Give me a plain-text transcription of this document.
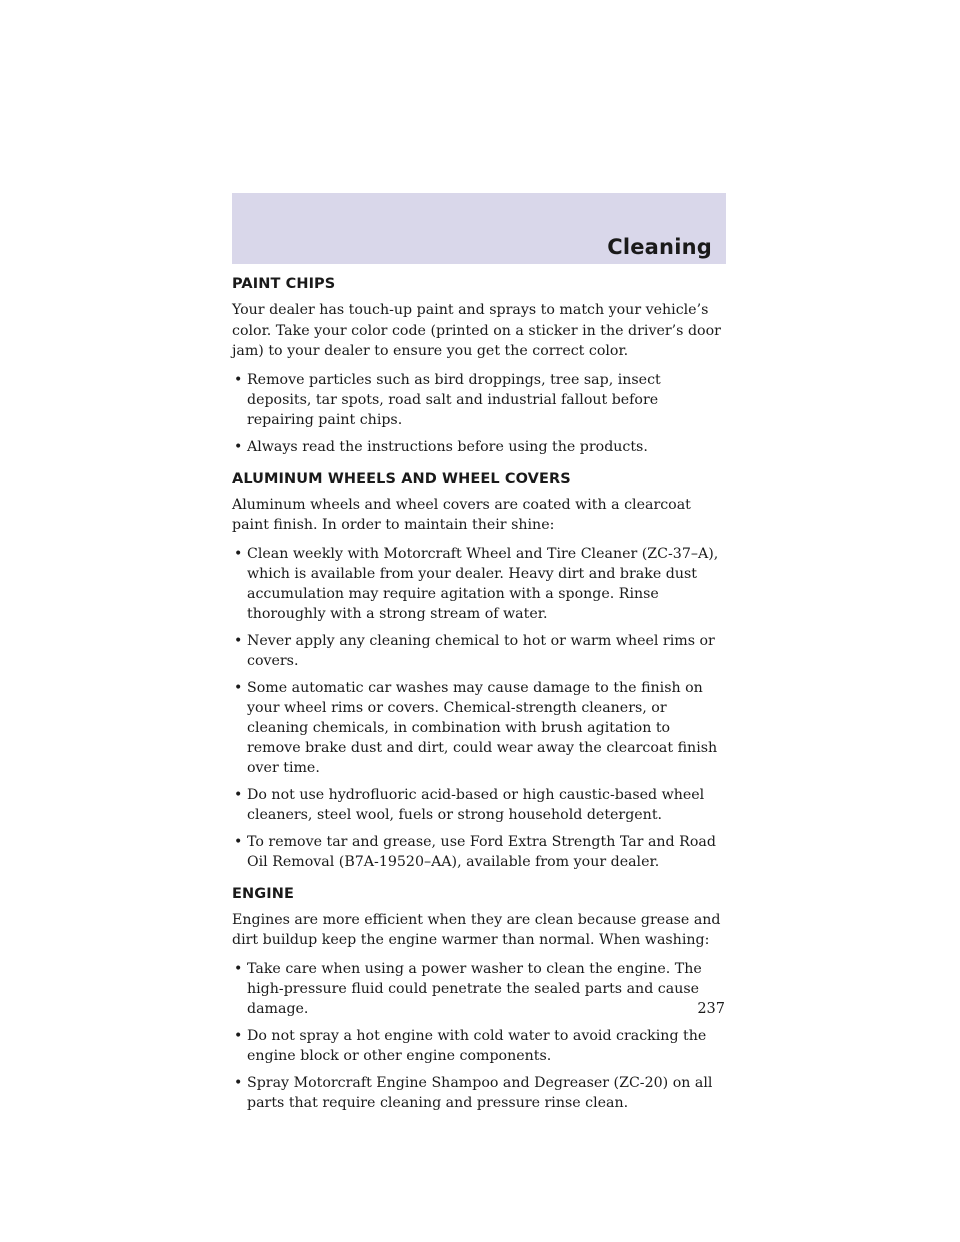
Cleaning
PAINT CHIPS

Your dealer has touch-up paint and sprays to match your vehicle’s color. Take your color code (printed on a sticker in the driver’s door jam) to your dealer to ensure you get the correct color.

• Remove particles such as bird droppings, tree sap, insect deposits, tar spots, road salt and industrial fallout before repairing paint chips.
• Always read the instructions before using the products.
ALUMINUM WHEELS AND WHEEL COVERS

Aluminum wheels and wheel covers are coated with a clearcoat paint finish. In order to maintain their shine:

• Clean weekly with Motorcraft Wheel and Tire Cleaner (ZC-37–A), which is available from your dealer. Heavy dirt and brake dust accumulation may require agitation with a sponge. Rinse thoroughly with a strong stream of water.
• Never apply any cleaning chemical to hot or warm wheel rims or covers.
• Some automatic car washes may cause damage to the finish on your wheel rims or covers. Chemical-strength cleaners, or cleaning chemicals, in combination with brush agitation to remove brake dust and dirt, could wear away the clearcoat finish over time.
• Do not use hydrofluoric acid-based or high caustic-based wheel cleaners, steel wool, fuels or strong household detergent.
• To remove tar and grease, use Ford Extra Strength Tar and Road Oil Removal (B7A-19520–AA), available from your dealer.
ENGINE

Engines are more efficient when they are clean because grease and dirt buildup keep the engine warmer than normal. When washing:

• Take care when using a power washer to clean the engine. The high-pressure fluid could penetrate the sealed parts and cause damage.
• Do not spray a hot engine with cold water to avoid cracking the engine block or other engine components.
• Spray Motorcraft Engine Shampoo and Degreaser (ZC-20) on all parts that require cleaning and pressure rinse clean.
237
